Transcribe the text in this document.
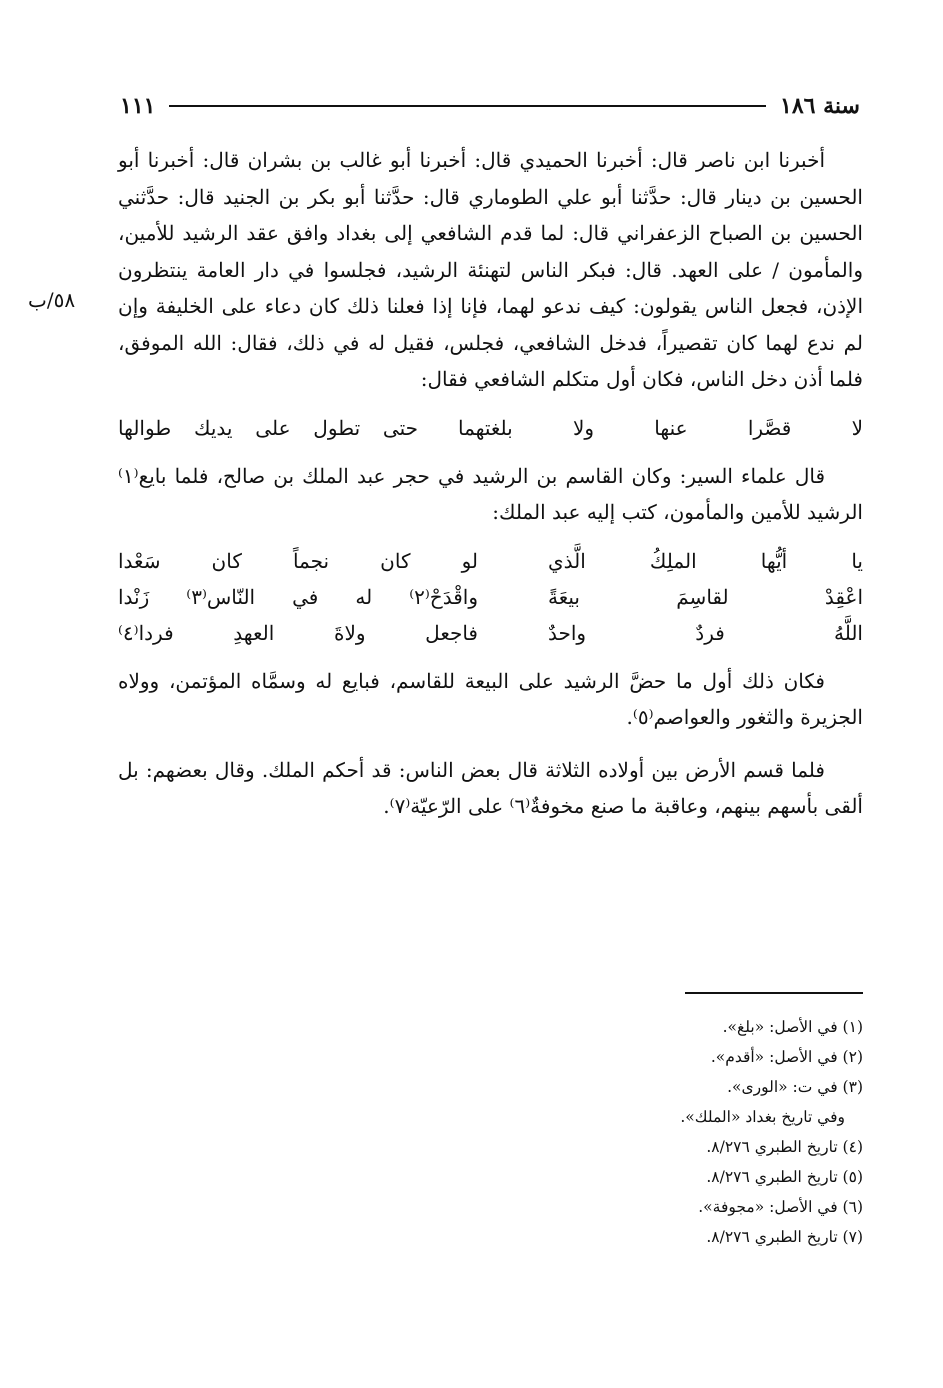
سنة ١٨٦
١١١
٥٨/ب

أخبرنا ابن ناصر قال: أخبرنا الحميدي قال: أخبرنا أبو غالب بن بشران قال: أخبرنا أبو الحسين بن دينار قال: حدَّثنا أبو علي الطوماري قال: حدَّثنا أبو بكر بن الجنيد قال: حدَّثني الحسين بن الصباح الزعفراني قال: لما قدم الشافعي إلى بغداد وافق عقد الرشيد للأمين، والمأمون / على العهد. قال: فبكر الناس لتهنئة الرشيد، فجلسوا في دار العامة ينتظرون الإذن، فجعل الناس يقولون: كيف ندعو لهما، فإنا إذا فعلنا ذلك كان دعاء على الخليفة وإن لم ندع لهما كان تقصيراً، فدخل الشافعي، فجلس، فقيل له في ذلك، فقال: الله الموفق، فلما أذن دخل الناس، فكان أول متكلم الشافعي فقال:

لا قصَّرا عنها ولا بلغتهما
حتى تطول على يديك طوالها

قال علماء السير: وكان القاسم بن الرشيد في حجر عبد الملك بن صالح، فلما بايع⁽١⁾ الرشيد للأمين والمأمون، كتب إليه عبد الملك:

يا أيُّها الملِكُ الَّذي
لو كان نجماً كان سَعْدا
اعْقِدْ لقاسِمَ بيعَةً
واقْدَحْ⁽٢⁾ له في النّاس⁽٣⁾ زَنْدا
اللَّهُ فردٌ واحدٌ
فاجعل ولاةَ العهدِ فردا⁽٤⁾

فكان ذلك أول ما حضَّ الرشيد على البيعة للقاسم، فبايع له وسمَّاه المؤتمن، وولاه الجزيرة والثغور والعواصم⁽٥⁾.

فلما قسم الأرض بين أولاده الثلاثة قال بعض الناس: قد أحكم الملك. وقال بعضهم: بل ألقى بأسهم بينهم، وعاقبة ما صنع مخوفةٌ⁽٦⁾ على الرّعيّة⁽٧⁾.

(١) في الأصل: «بلغ».
(٢) في الأصل: «أقدم».
(٣) في ت: «الورى».
وفي تاريخ بغداد «الملك».
(٤) تاريخ الطبري ٨/٢٧٦.
(٥) تاريخ الطبري ٨/٢٧٦.
(٦) في الأصل: «مجوفة».
(٧) تاريخ الطبري ٨/٢٧٦.
